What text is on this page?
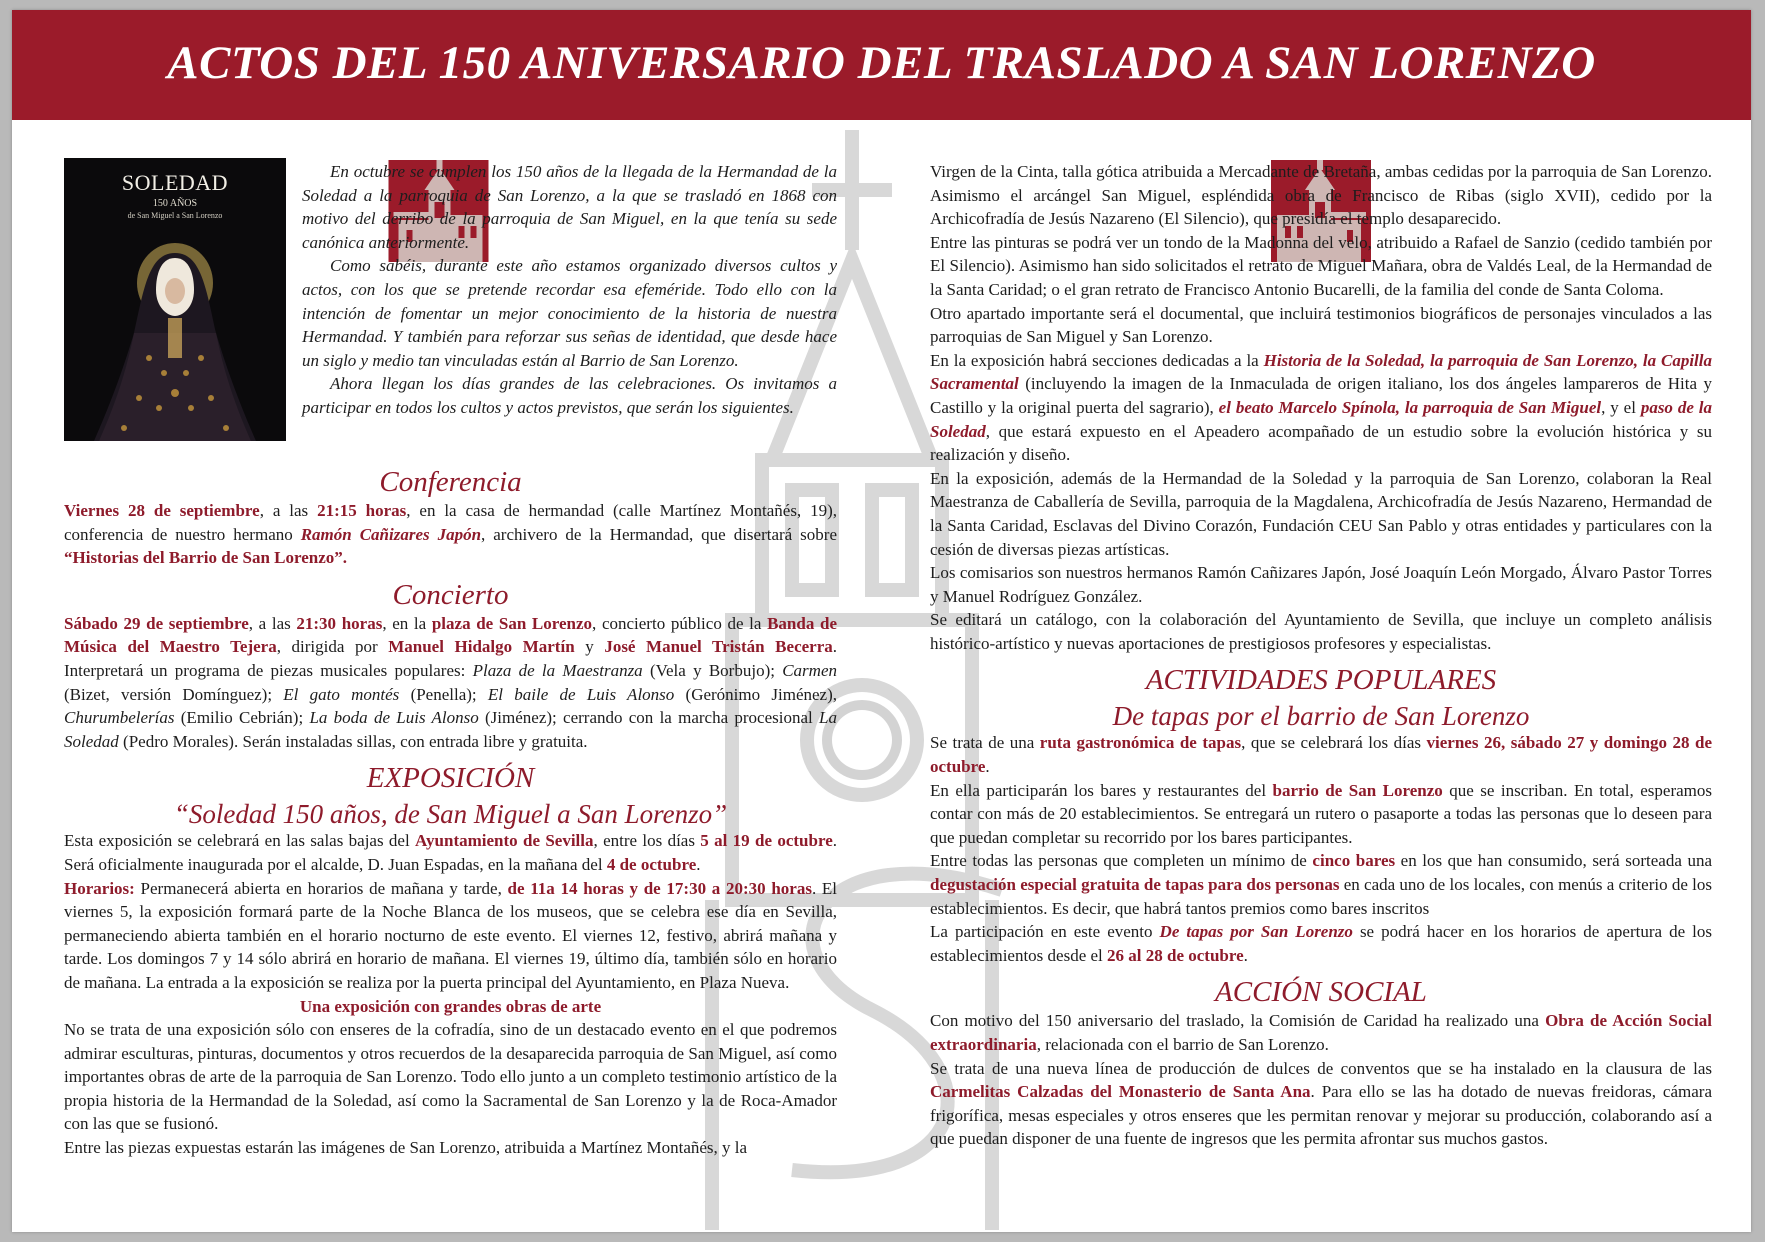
ACTOS DEL 150 ANIVERSARIO DEL TRASLADO A SAN LORENZO
SOLEDAD
150 AÑOS
de San Miguel a San Lorenzo

En octubre se cumplen los 150 años de la llegada de la Hermandad de la Soledad a la parroquia de San Lorenzo, a la que se trasladó en 1868 con motivo del derribo de la parroquia de San Miguel, en la que tenía su sede canónica anteriormente.

Como sabéis, durante este año estamos organizado diversos cultos y actos, con los que se pretende recordar esa efeméride. Todo ello con la intención de fomentar un mejor conocimiento de la historia de nuestra Hermandad. Y también para reforzar sus señas de identidad, que desde hace un siglo y medio tan vinculadas están al Barrio de San Lorenzo.

Ahora llegan los días grandes de las celebraciones. Os invitamos a participar en todos los cultos y actos previstos, que serán los siguientes.

Conferencia

Viernes 28 de septiembre, a las 21:15 horas, en la casa de hermandad (calle Martínez Montañés, 19), conferencia de nuestro hermano Ramón Cañizares Japón, archivero de la Hermandad, que disertará sobre “Historias del Barrio de San Lorenzo”.

Concierto

Sábado 29 de septiembre, a las 21:30 horas, en la plaza de San Lorenzo, concierto público de la Banda de Música del Maestro Tejera, dirigida por Manuel Hidalgo Martín y José Manuel Tristán Becerra. Interpretará un programa de piezas musicales populares: Plaza de la Maestranza (Vela y Borbujo); Carmen (Bizet, versión Domínguez); El gato montés (Penella); El baile de Luis Alonso (Gerónimo Jiménez), Churumbelerías (Emilio Cebrián); La boda de Luis Alonso (Jiménez); cerrando con la marcha procesional La Soledad (Pedro Morales). Serán instaladas sillas, con entrada libre y gratuita.

EXPOSICIÓN
“Soledad 150 años, de San Miguel a San Lorenzo”

Esta exposición se celebrará en las salas bajas del Ayuntamiento de Sevilla, entre los días 5 al 19 de octubre. Será oficialmente inaugurada por el alcalde, D. Juan Espadas, en la mañana del 4 de octubre.
Horarios: Permanecerá abierta en horarios de mañana y tarde, de 11a 14 horas y de 17:30 a 20:30 horas. El viernes 5, la exposición formará parte de la Noche Blanca de los museos, que se celebra ese día en Sevilla, permaneciendo abierta también en el horario nocturno de este evento. El viernes 12, festivo, abrirá mañana y tarde. Los domingos 7 y 14 sólo abrirá en horario de mañana. El viernes 19, último día, también sólo en horario de mañana. La entrada a la exposición se realiza por la puerta principal del Ayuntamiento, en Plaza Nueva.

Una exposición con grandes obras de arte

No se trata de una exposición sólo con enseres de la cofradía, sino de un destacado evento en el que podremos admirar esculturas, pinturas, documentos y otros recuerdos de la desaparecida parroquia de San Miguel, así como importantes obras de arte de la parroquia de San Lorenzo. Todo ello junto a un completo testimonio artístico de la propia historia de la Hermandad de la Soledad, así como la Sacramental de San Lorenzo y la de Roca-Amador con las que se fusionó.

Entre las piezas expuestas estarán las imágenes de San Lorenzo, atribuida a Martínez Montañés, y la

Virgen de la Cinta, talla gótica atribuida a Mercadante de Bretaña, ambas cedidas por la parroquia de San Lorenzo. Asimismo el arcángel San Miguel, espléndida obra de Francisco de Ribas (siglo XVII), cedido por la Archicofradía de Jesús Nazareno (El Silencio), que presidía el templo desaparecido.

Entre las pinturas se podrá ver un tondo de la Madonna del velo, atribuido a Rafael de Sanzio (cedido también por El Silencio). Asimismo han sido solicitados el retrato de Miguel Mañara, obra de Valdés Leal, de la Hermandad de la Santa Caridad; o el gran retrato de Francisco Antonio Bucarelli, de la familia del conde de Santa Coloma.

Otro apartado importante será el documental, que incluirá testimonios biográficos de personajes vinculados a las parroquias de San Miguel y San Lorenzo.

En la exposición habrá secciones dedicadas a la Historia de la Soledad, la parroquia de San Lorenzo, la Capilla Sacramental (incluyendo la imagen de la Inmaculada de origen italiano, los dos ángeles lampareros de Hita y Castillo y la original puerta del sagrario), el beato Marcelo Spínola, la parroquia de San Miguel, y el paso de la Soledad, que estará expuesto en el Apeadero acompañado de un estudio sobre la evolución histórica y su realización y diseño.

En la exposición, además de la Hermandad de la Soledad y la parroquia de San Lorenzo, colaboran la Real Maestranza de Caballería de Sevilla, parroquia de la Magdalena, Archicofradía de Jesús Nazareno, Hermandad de la Santa Caridad, Esclavas del Divino Corazón, Fundación CEU San Pablo y otras entidades y particulares con la cesión de diversas piezas artísticas.

Los comisarios son nuestros hermanos Ramón Cañizares Japón, José Joaquín León Morgado, Álvaro Pastor Torres y Manuel Rodríguez González.

Se editará un catálogo, con la colaboración del Ayuntamiento de Sevilla, que incluye un completo análisis histórico-artístico y nuevas aportaciones de prestigiosos profesores y especialistas.

ACTIVIDADES POPULARES
De tapas por el barrio de San Lorenzo

Se trata de una ruta gastronómica de tapas, que se celebrará los días viernes 26, sábado 27 y domingo 28 de octubre.

En ella participarán los bares y restaurantes del barrio de San Lorenzo que se inscriban. En total, esperamos contar con más de 20 establecimientos. Se entregará un rutero o pasaporte a todas las personas que lo deseen para que puedan completar su recorrido por los bares participantes.

Entre todas las personas que completen un mínimo de cinco bares en los que han consumido, será sorteada una degustación especial gratuita de tapas para dos personas en cada uno de los locales, con menús a criterio de los establecimientos. Es decir, que habrá tantos premios como bares inscritos

La participación en este evento De tapas por San Lorenzo se podrá hacer en los horarios de apertura de los establecimientos desde el 26 al 28 de octubre.

ACCIÓN SOCIAL

Con motivo del 150 aniversario del traslado, la Comisión de Caridad ha realizado una Obra de Acción Social extraordinaria, relacionada con el barrio de San Lorenzo.

Se trata de una nueva línea de producción de dulces de conventos que se ha instalado en la clausura de las Carmelitas Calzadas del Monasterio de Santa Ana. Para ello se las ha dotado de nuevas freidoras, cámara frigorífica, mesas especiales y otros enseres que les permitan renovar y mejorar su producción, colaborando así a que puedan disponer de una fuente de ingresos que les permita afrontar sus muchos gastos.
